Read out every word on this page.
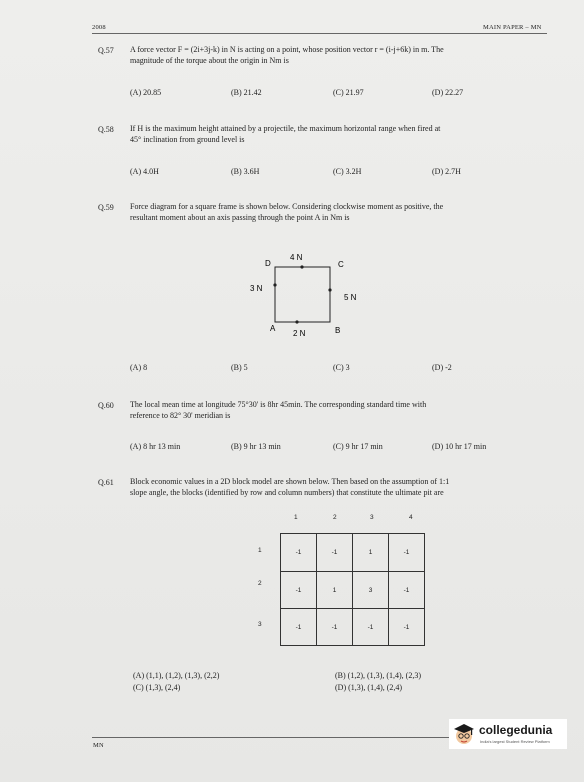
2008	MAIN PAPER – MN
Q.57 A force vector F = (2i+3j-k) in N is acting on a point, whose position vector r = (i-j+6k) in m. The
magnitude of the torque about the origin in Nm is
(A) 20.85	(B) 21.42	(C) 21.97	(D) 22.27
Q.58 If H is the maximum height attained by a projectile, the maximum horizontal range when fired at
45° inclination from ground level is
(A) 4.0H	(B) 3.6H	(C) 3.2H	(D) 2.7H
Q.59 Force diagram for a square frame is shown below. Considering clockwise moment as positive, the
resultant moment about an axis passing through the point A in Nm is
D
4 N
C
3 N
5 N
A
2 N	B
(A) 8	(B) 5	(C) 3	(D) -2
Q.60 The local mean time at longitude 75°30' is 8hr 45min. The corresponding standard time with
reference to 82° 30' meridian is
(A) 8 hr 13 min	(B) 9 hr 13 min	(C) 9 hr 17 min	(D) 10 hr 17 min
Q.61 Block economic values in a 2D block model are shown below. Then based on the assumption of 1:1
slope angle, the blocks (identified by row and column numbers) that constitute the ultimate pit are
1	2	3	4
1
2
3
-1	-1	1	-1
-1	1	3	-1
-1	-1	-1	-1
(A) (1,1), (1,2), (1,3), (2,2)	(B) (1,2), (1,3), (1,4), (2,3)
(C) (1,3), (2,4)	(D) (1,3), (1,4), (2,4)
MN
collegedunia
India's largest Student Review Platform
